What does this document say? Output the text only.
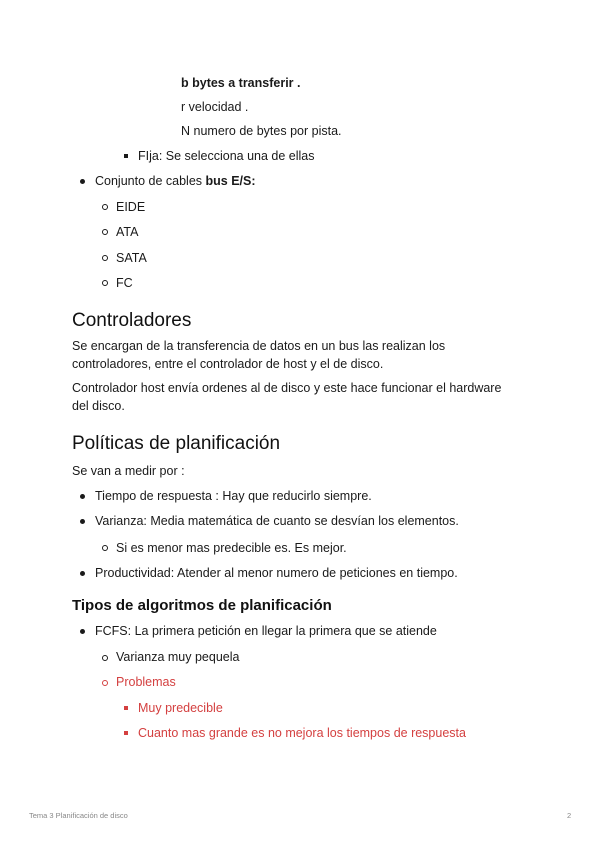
b bytes a transferir .
r velocidad .
N numero de bytes por pista.
FIja: Se selecciona una de ellas
Conjunto de cables bus E/S:
EIDE
ATA
SATA
FC
Controladores
Se encargan de la transferencia de datos en un bus las realizan los
controladores, entre el controlador de host y el de disco.
Controlador host envía ordenes al de disco y este hace funcionar el hardware
del disco.
Políticas de planificación
Se van a medir por :
Tiempo de respuesta : Hay que reducirlo siempre.
Varianza: Media matemática de cuanto se desvían los elementos.
Si es menor mas predecible es. Es mejor.
Productividad: Atender al menor numero de peticiones en tiempo.
Tipos de algoritmos de planificación
FCFS: La primera petición en llegar la primera que se atiende
Varianza muy pequela
Problemas
Muy predecible
Cuanto mas grande es no mejora los tiempos de respuesta
Tema 3 Planificación de disco	2
